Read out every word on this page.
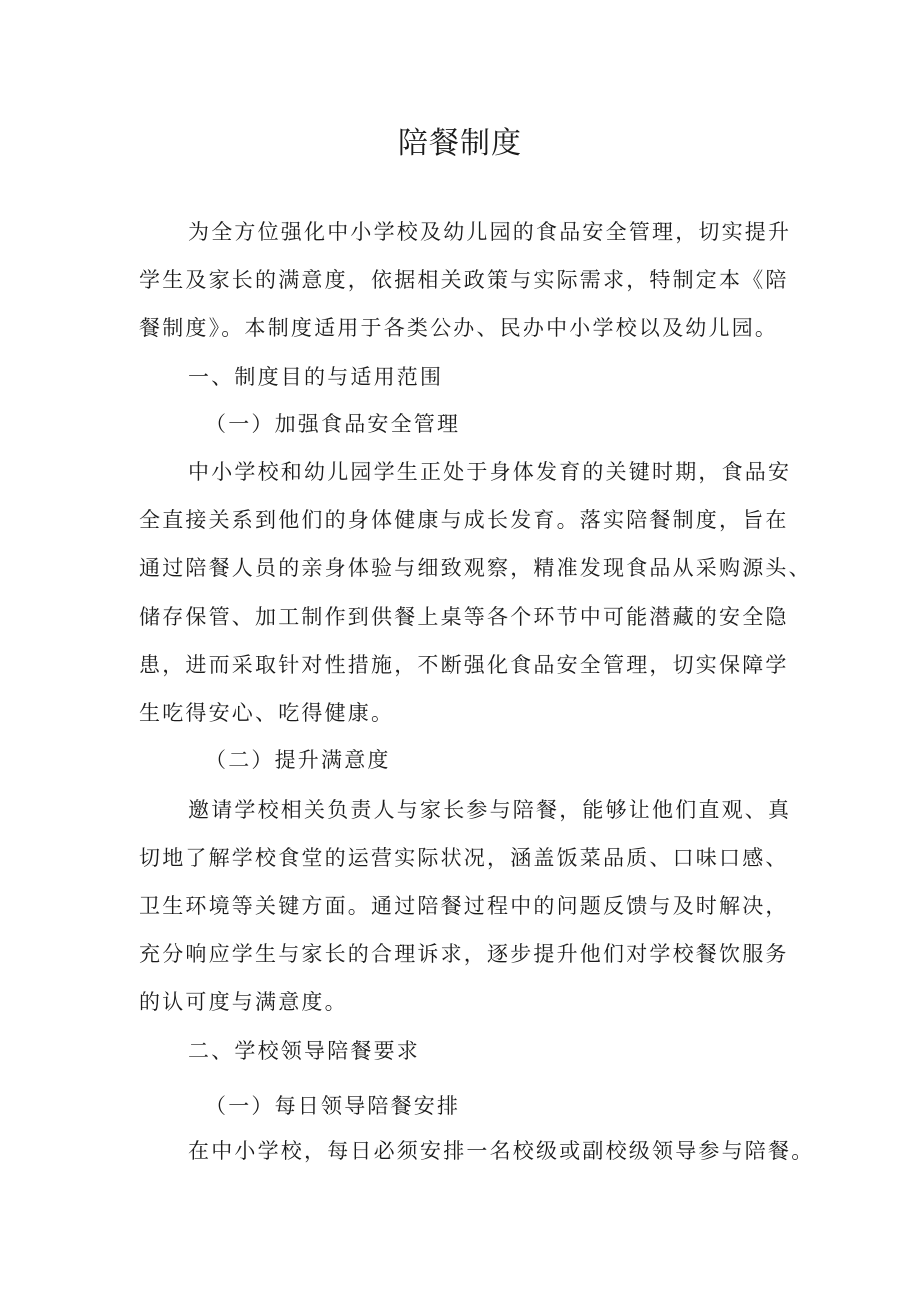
陪餐制度

为全方位强化中小学校及幼儿园的食品安全管理，切实提升

学生及家长的满意度，依据相关政策与实际需求，特制定本《陪

餐制度》。本制度适用于各类公办、民办中小学校以及幼儿园。

一、制度目的与适用范围

（一）加强食品安全管理

中小学校和幼儿园学生正处于身体发育的关键时期，食品安

全直接关系到他们的身体健康与成长发育。落实陪餐制度，旨在

通过陪餐人员的亲身体验与细致观察，精准发现食品从采购源头、

储存保管、加工制作到供餐上桌等各个环节中可能潜藏的安全隐

患，进而采取针对性措施，不断强化食品安全管理，切实保障学

生吃得安心、吃得健康。

（二）提升满意度

邀请学校相关负责人与家长参与陪餐，能够让他们直观、真

切地了解学校食堂的运营实际状况，涵盖饭菜品质、口味口感、

卫生环境等关键方面。通过陪餐过程中的问题反馈与及时解决，

充分响应学生与家长的合理诉求，逐步提升他们对学校餐饮服务

的认可度与满意度。

二、学校领导陪餐要求

（一）每日领导陪餐安排

在中小学校，每日必须安排一名校级或副校级领导参与陪餐。
